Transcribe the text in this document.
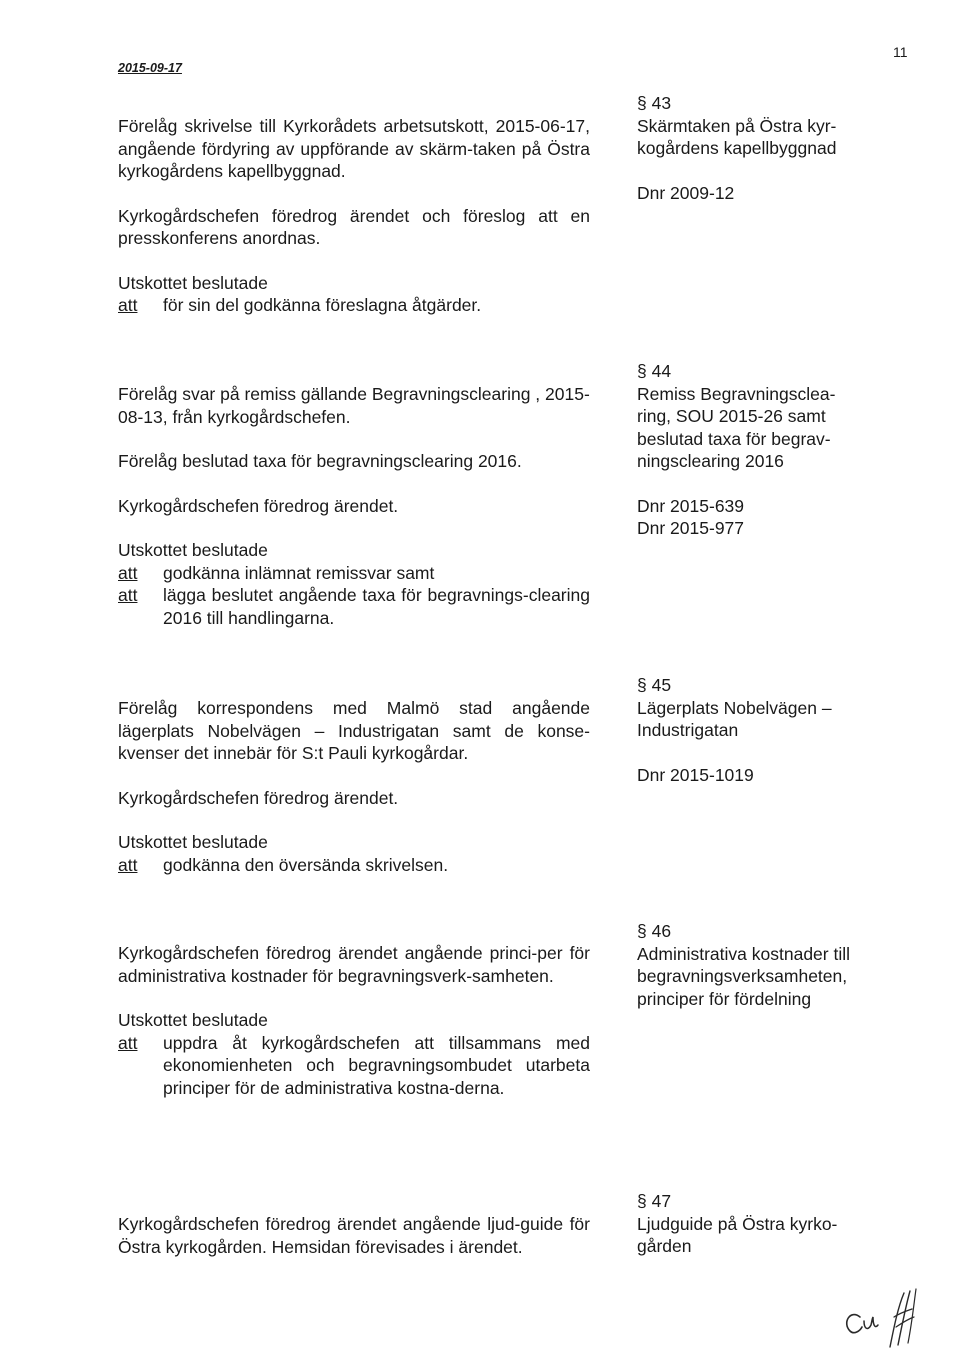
2015-09-17
11

Förelåg skrivelse till Kyrkorådets arbetsutskott, 2015-06-17, angående fördyring av uppförande av skärm-taken på Östra kyrkogårdens kapellbyggnad.

Kyrkogårdschefen föredrog ärendet och föreslog att en presskonferens anordnas.

Utskottet beslutade

att	för sin del godkänna föreslagna åtgärder.

§ 43

Skärmtaken på Östra kyr-

kogårdens kapellbyggnad

Dnr 2009-12

Förelåg svar på remiss gällande Begravningsclearing , 2015-08-13, från kyrkogårdschefen.

Förelåg beslutad taxa för begravningsclearing 2016.

Kyrkogårdschefen föredrog ärendet.

Utskottet beslutade

att	godkänna inlämnat remissvar samt
att	lägga beslutet angående taxa för begravnings-clearing 2016 till handlingarna.

§ 44

Remiss Begravningsclea-

ring, SOU 2015-26 samt

beslutad taxa för begrav-

ningsclearing 2016

Dnr 2015-639

Dnr 2015-977

Förelåg korrespondens med Malmö stad angående lägerplats Nobelvägen – Industrigatan samt de konse-kvenser det innebär för S:t Pauli kyrkogårdar.

Kyrkogårdschefen föredrog ärendet.

Utskottet beslutade

att	godkänna den översända skrivelsen.

§ 45

Lägerplats Nobelvägen –

Industrigatan

Dnr 2015-1019

Kyrkogårdschefen föredrog ärendet angående princi-per för administrativa kostnader för begravningsverk-samheten.

Utskottet beslutade

att	uppdra åt kyrkogårdschefen att tillsammans med ekonomienheten och begravningsombudet utarbeta principer för de administrativa kostna-derna.

§ 46

Administrativa kostnader till

begravningsverksamheten,

principer för fördelning

Kyrkogårdschefen föredrog ärendet angående ljud-guide för Östra kyrkogården. Hemsidan förevisades i ärendet.

§ 47

Ljudguide på Östra kyrko-

gården
